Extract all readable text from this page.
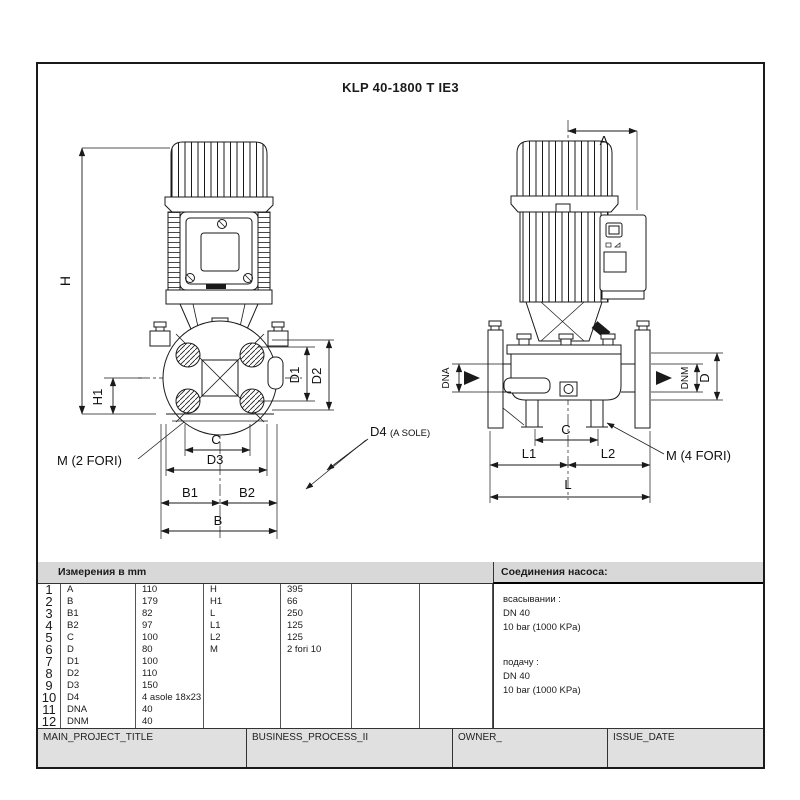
KLP 40-1800 T IE3
H
H1
D1 D2
C
D3
B1	B2
B
M (2 FORI)
D4 (A SOLE)
A
DNA	DNM D
C
L1	L2
L
M (4 FORI)
Измерения в mm	Соединения насоса:
1	A	110	H	395
2	B	179	H1	66
3	B1	82	L	250
4	B2	97	L1	125
5	C	100	L2	125
6	D	80	M	2 fori 10
7	D1	100
8	D2	110
9	D3	150
10	D4	4 asole 18x23
11	DNA	40
12	DNM	40
всасывании :
DN 40
10 bar (1000 KPa)
подачу :
DN 40
10 bar (1000 KPa)
MAIN_PROJECT_TITLE	BUSINESS_PROCESS_II	OWNER_	ISSUE_DATE
